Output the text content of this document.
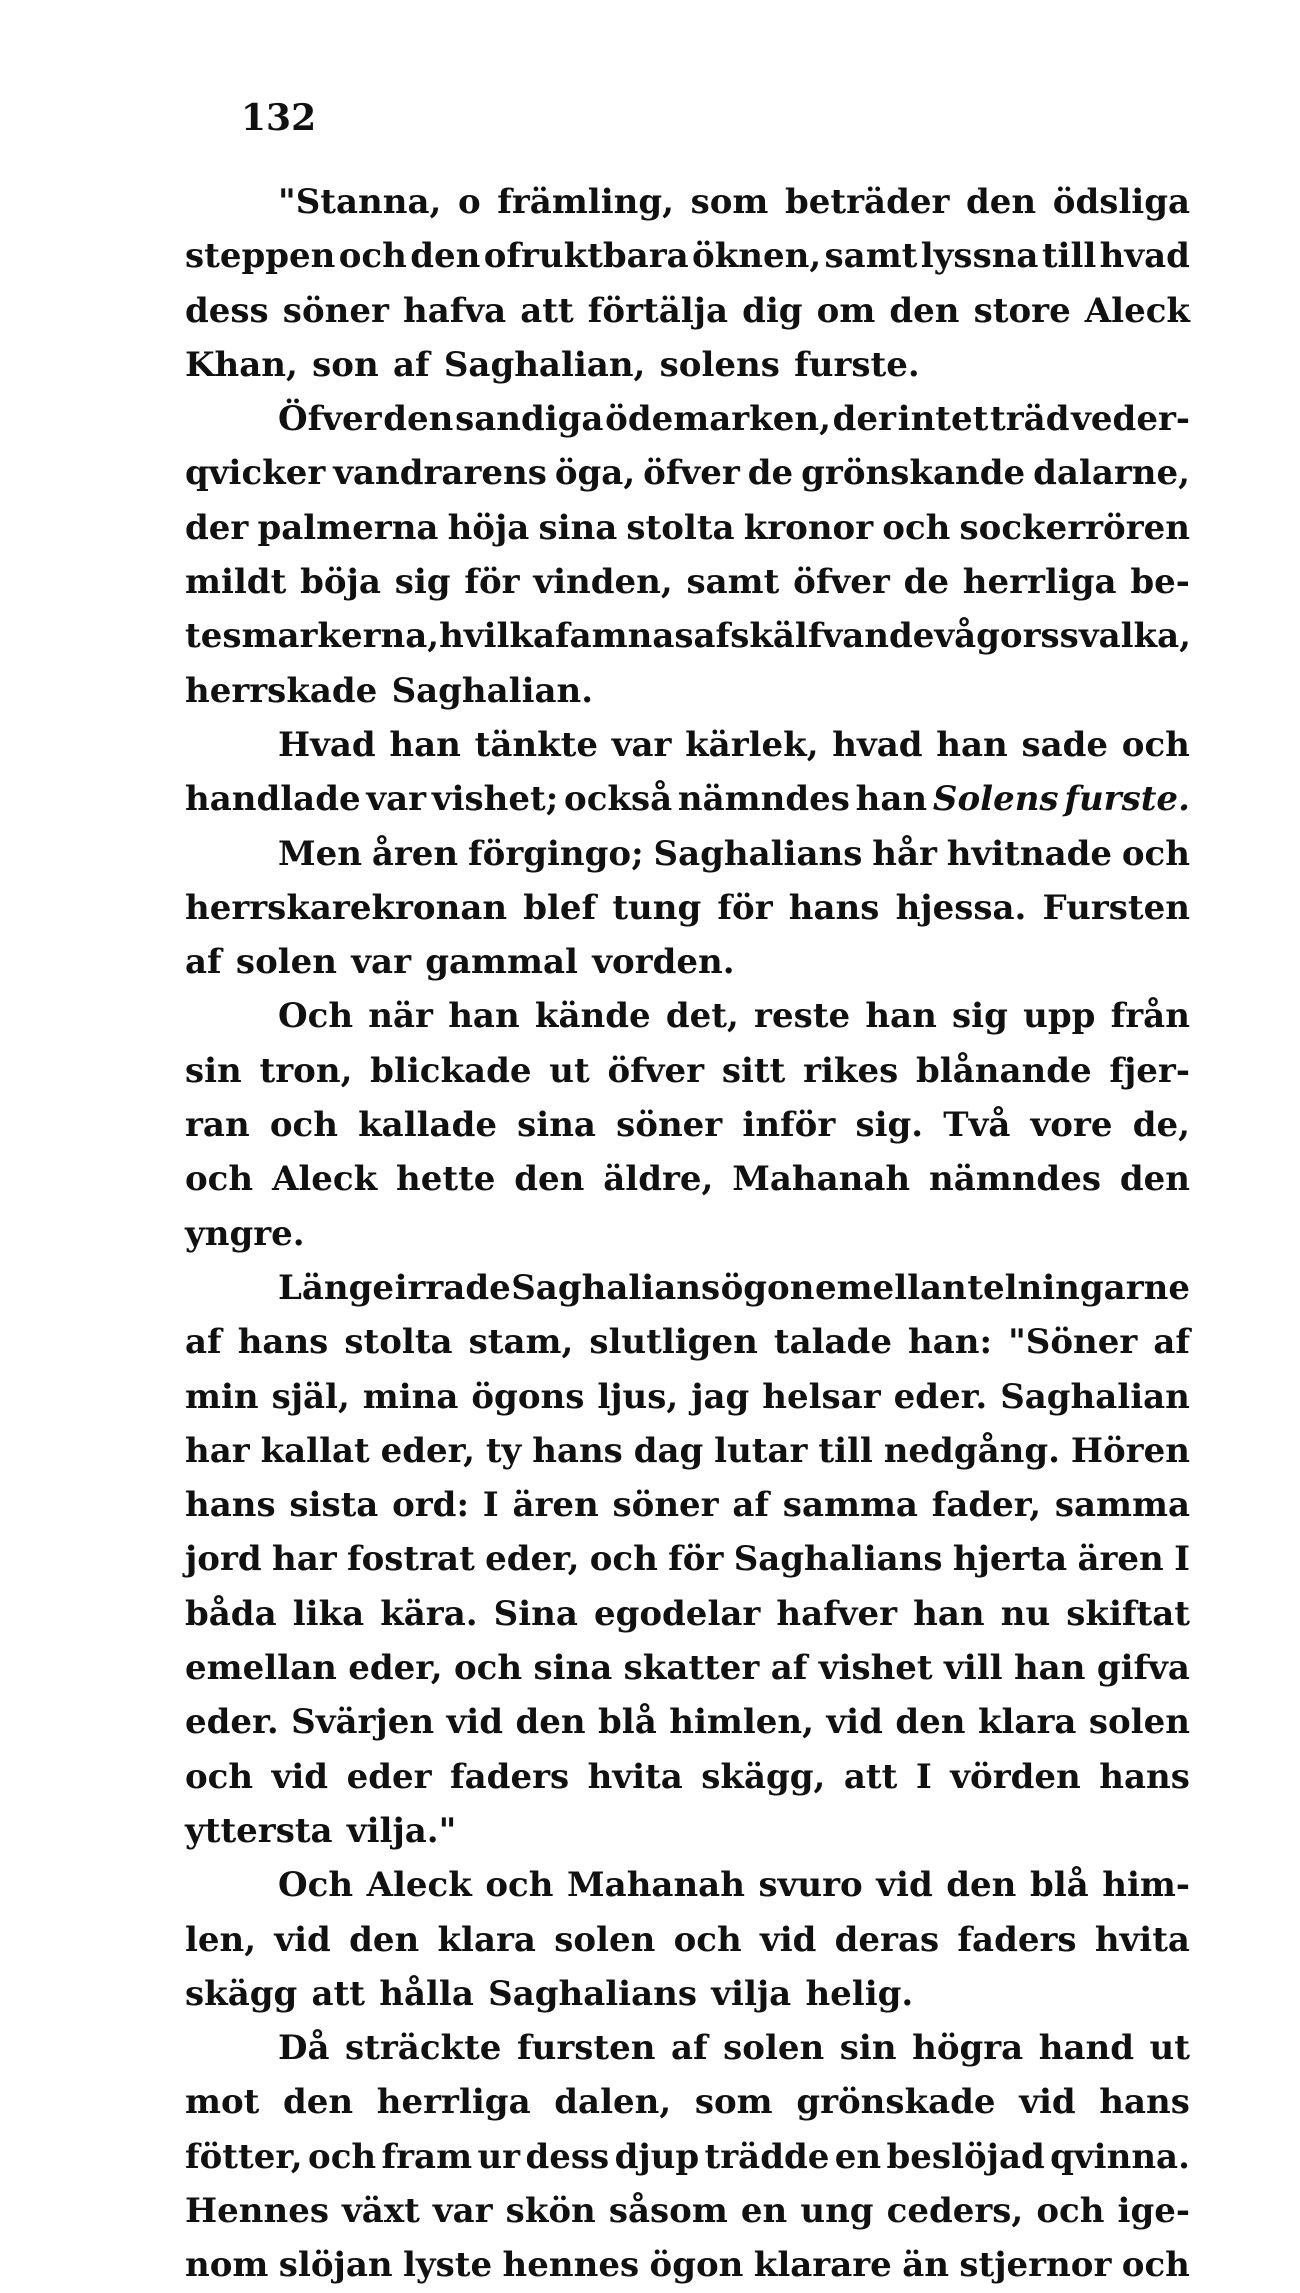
132
"Stanna, o främling, som beträder den ödsliga
steppen och den ofruktbara öknen, samt lyssna till hvad
dess söner hafva att förtälja dig om den store Aleck
Khan, son af Saghalian, solens furste.
Öfver den sandiga ödemarken, der intet träd veder-
qvicker vandrarens öga, öfver de grönskande dalarne,
der palmerna höja sina stolta kronor och sockerrören
mildt böja sig för vinden, samt öfver de herrliga be-
tesmarkerna, hvilka famnas af skälfvande vågors svalka,
herrskade Saghalian.
Hvad han tänkte var kärlek, hvad han sade och
handlade var vishet; också nämndes han Solens furste.
Men åren förgingo; Saghalians hår hvitnade och
herrskarekronan blef tung för hans hjessa. Fursten
af solen var gammal vorden.
Och när han kände det, reste han sig upp från
sin tron, blickade ut öfver sitt rikes blånande fjer-
ran och kallade sina söner inför sig. Två vore de,
och Aleck hette den äldre, Mahanah nämndes den
yngre.
Länge irrade Saghalians ögon emellan telningarne
af hans stolta stam, slutligen talade han: "Söner af
min själ, mina ögons ljus, jag helsar eder. Saghalian
har kallat eder, ty hans dag lutar till nedgång. Hören
hans sista ord: I ären söner af samma fader, samma
jord har fostrat eder, och för Saghalians hjerta ären I
båda lika kära. Sina egodelar hafver han nu skiftat
emellan eder, och sina skatter af vishet vill han gifva
eder. Svärjen vid den blå himlen, vid den klara solen
och vid eder faders hvita skägg, att I vörden hans
yttersta vilja."
Och Aleck och Mahanah svuro vid den blå him-
len, vid den klara solen och vid deras faders hvita
skägg att hålla Saghalians vilja helig.
Då sträckte fursten af solen sin högra hand ut
mot den herrliga dalen, som grönskade vid hans
fötter, och fram ur dess djup trädde en beslöjad qvinna.
Hennes växt var skön såsom en ung ceders, och ige-
nom slöjan lyste hennes ögon klarare än stjernor och
